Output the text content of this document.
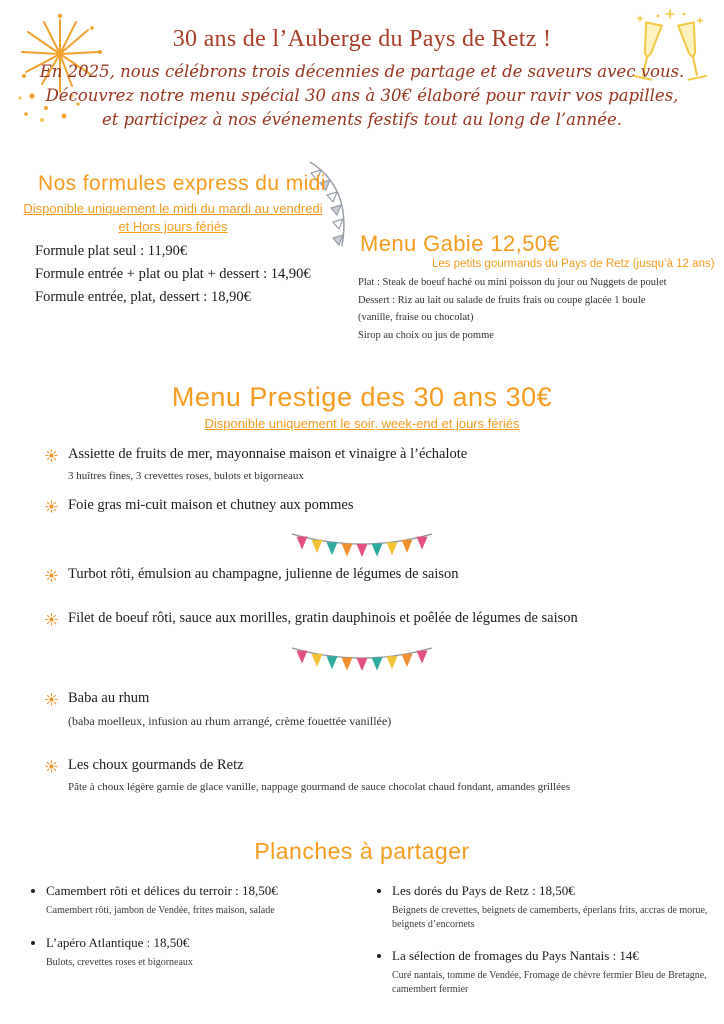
30 ans de l’Auberge du Pays de Retz !
En 2025, nous célébrons trois décennies de partage et de saveurs avec vous.
Découvrez notre menu spécial 30 ans à 30€ élaboré pour ravir vos papilles,
et participez à nos événements festifs tout au long de l’année.
Nos formules express du midi
Disponible uniquement le midi du mardi au vendredi
et Hors jours fériés
Formule plat seul : 11,90€
Formule entrée + plat ou plat + dessert : 14,90€
Formule entrée, plat, dessert : 18,90€
Menu Gabie 12,50€
Les petits gourmands du Pays de Retz (jusqu’à 12 ans)
Plat : Steak de boeuf haché ou mini poisson du jour ou Nuggets de poulet
Dessert : Riz au lait ou salade de fruits frais ou coupe glacée 1 boule
(vanille, fraise ou chocolat)
Sirop au choix ou jus de pomme
Menu Prestige des 30 ans 30€
Disponible uniquement le soir, week-end et jours fériés
Assiette de fruits de mer, mayonnaise maison et vinaigre à l’échalote
3 huîtres fines, 3 crevettes roses, bulots et bigorneaux
Foie gras mi-cuit maison et chutney aux pommes
Turbot rôti, émulsion au champagne, julienne de légumes de saison
Filet de boeuf rôti, sauce aux morilles, gratin dauphinois et poêlée de légumes de saison
Baba au rhum
(baba moelleux, infusion au rhum arrangé, crème fouettée vanillée)
Les choux gourmands de Retz
Pâte à choux légère garnie de glace vanille, nappage gourmand de sauce chocolat chaud fondant, amandes grillées
Planches à partager
• Camembert rôti et délices du terroir : 18,50€
Camembert rôti, jambon de Vendée, frites maison, salade
• L’apéro Atlantique : 18,50€
Bulots, crevettes roses et bigorneaux
• Les dorés du Pays de Retz : 18,50€
Beignets de crevettes, beignets de camemberts, éperlans frits, accras de morue, beignets d’encornets
• La sélection de fromages du Pays Nantais : 14€
Curé nantais, tomme de Vendée, Fromage de chèvre fermier Bleu de Bretagne, camembert fermier
